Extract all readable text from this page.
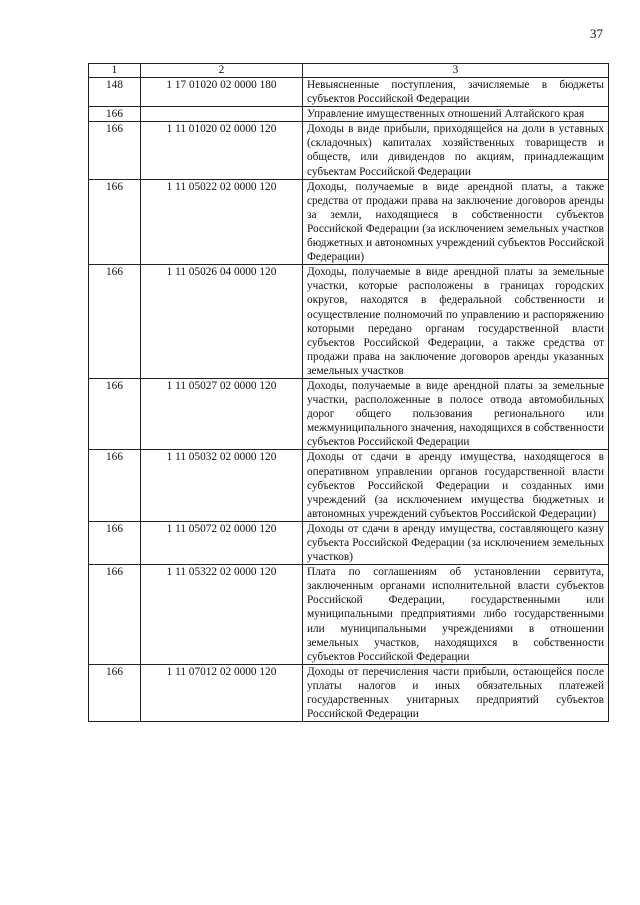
37
1	2	3
148	1 17 01020 02 0000 180	Невыясненные поступления, зачисляемые в бюджеты субъектов Российской Федерации
166		Управление имущественных отношений Алтайского края
166	1 11 01020 02 0000 120	Доходы в виде прибыли, приходящейся на доли в уставных (складочных) капиталах хозяйственных товариществ и обществ, или дивидендов по акциям, принадлежащим субъектам Российской Федерации
166	1 11 05022 02 0000 120	Доходы, получаемые в виде арендной платы, а также средства от продажи права на заключение договоров аренды за земли, находящиеся в собственности субъектов Российской Федерации (за исключением земельных участков бюджетных и автономных учреждений субъектов Российской Федерации)
166	1 11 05026 04 0000 120	Доходы, получаемые в виде арендной платы за земельные участки, которые расположены в границах городских округов, находятся в федеральной собственности и осуществление полномочий по управлению и распоряжению которыми передано органам государственной власти субъектов Российской Федерации, а также средства от продажи права на заключение договоров аренды указанных земельных участков
166	1 11 05027 02 0000 120	Доходы, получаемые в виде арендной платы за земельные участки, расположенные в полосе отвода автомобильных дорог общего пользования регионального или межмуниципального значения, находящихся в собственности субъектов Российской Федерации
166	1 11 05032 02 0000 120	Доходы от сдачи в аренду имущества, находящегося в оперативном управлении органов государственной власти субъектов Российской Федерации и созданных ими учреждений (за исключением имущества бюджетных и автономных учреждений субъектов Российской Федерации)
166	1 11 05072 02 0000 120	Доходы от сдачи в аренду имущества, составляющего казну субъекта Российской Федерации (за исключением земельных участков)
166	1 11 05322 02 0000 120	Плата по соглашениям об установлении сервитута, заключенным органами исполнительной власти субъектов Российской Федерации, государственными или муниципальными предприятиями либо государственными или муниципальными учреждениями в отношении земельных участков, находящихся в собственности субъектов Российской Федерации
166	1 11 07012 02 0000 120	Доходы от перечисления части прибыли, остающейся после уплаты налогов и иных обязательных платежей государственных унитарных предприятий субъектов Российской Федерации
